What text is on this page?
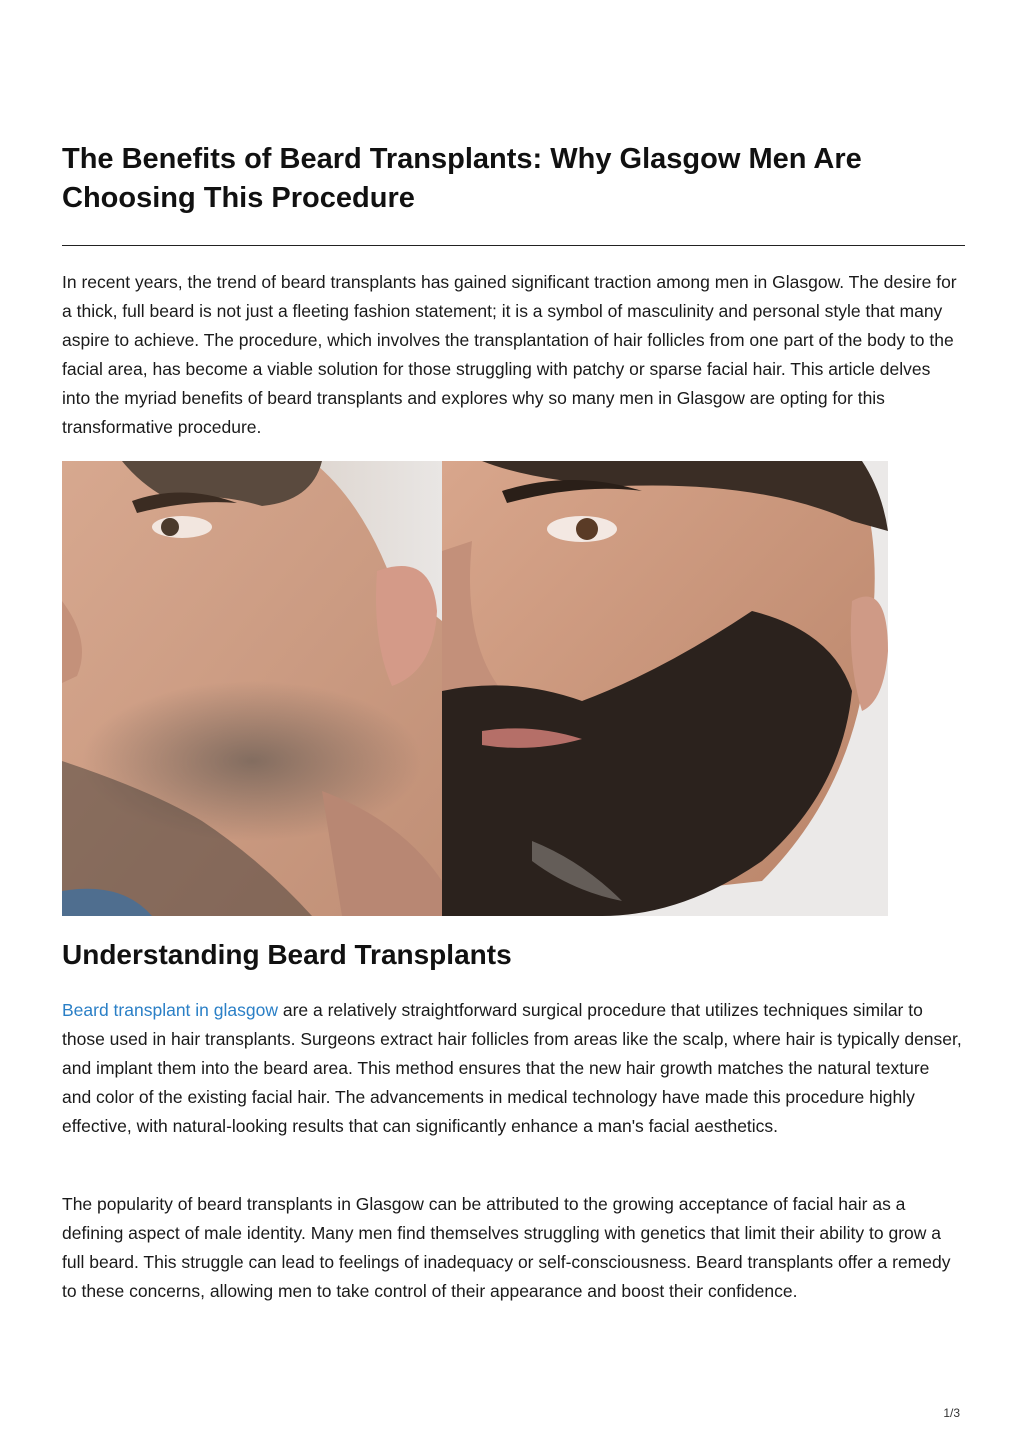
The Benefits of Beard Transplants: Why Glasgow Men Are Choosing This Procedure

In recent years, the trend of beard transplants has gained significant traction among men in Glasgow. The desire for a thick, full beard is not just a fleeting fashion statement; it is a symbol of masculinity and personal style that many aspire to achieve. The procedure, which involves the transplantation of hair follicles from one part of the body to the facial area, has become a viable solution for those struggling with patchy or sparse facial hair. This article delves into the myriad benefits of beard transplants and explores why so many men in Glasgow are opting for this transformative procedure.

Understanding Beard Transplants

Beard transplant in glasgow are a relatively straightforward surgical procedure that utilizes techniques similar to those used in hair transplants. Surgeons extract hair follicles from areas like the scalp, where hair is typically denser, and implant them into the beard area. This method ensures that the new hair growth matches the natural texture and color of the existing facial hair. The advancements in medical technology have made this procedure highly effective, with natural-looking results that can significantly enhance a man's facial aesthetics.

The popularity of beard transplants in Glasgow can be attributed to the growing acceptance of facial hair as a defining aspect of male identity. Many men find themselves struggling with genetics that limit their ability to grow a full beard. This struggle can lead to feelings of inadequacy or self-consciousness. Beard transplants offer a remedy to these concerns, allowing men to take control of their appearance and boost their confidence.

1/3
